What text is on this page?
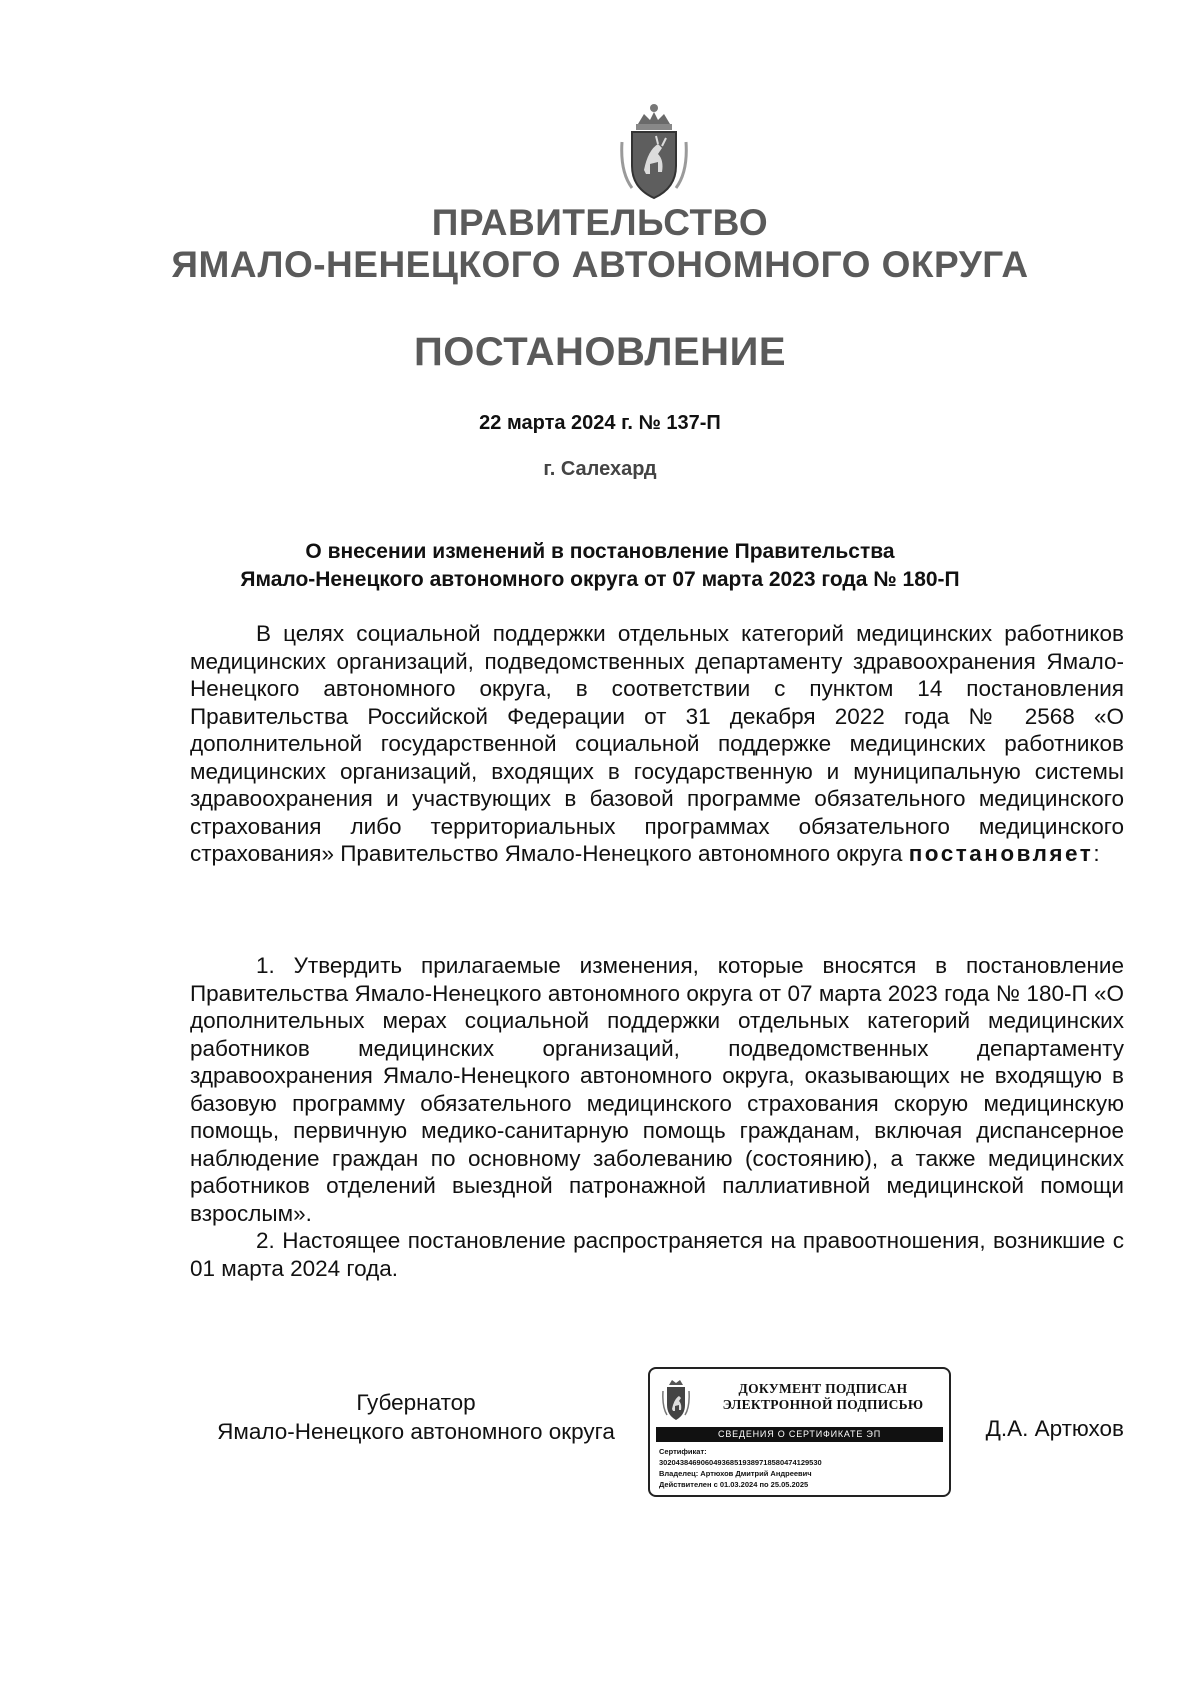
ПРАВИТЕЛЬСТВО
ЯМАЛО-НЕНЕЦКОГО АВТОНОМНОГО ОКРУГА
ПОСТАНОВЛЕНИЕ
22 марта 2024 г. № 137-П
г. Салехард
О внесении изменений в постановление Правительства
Ямало-Ненецкого автономного округа от 07 марта 2023 года № 180-П

В целях социальной поддержки отдельных категорий медицинских работников медицинских организаций, подведомственных департаменту здравоохранения Ямало-Ненецкого автономного округа, в соответствии с пунктом 14 постановления Правительства Российской Федерации от 31 декабря 2022 года № 2568 «О дополнительной государственной социальной поддержке медицинских работников медицинских организаций, входящих в государственную и муниципальную системы здравоохранения и участвующих в базовой программе обязательного медицинского страхования либо территориальных программах обязательного медицинского страхования» Правительство Ямало-Ненецкого автономного округа постановляет:

1. Утвердить прилагаемые изменения, которые вносятся в постановление Правительства Ямало-Ненецкого автономного округа от 07 марта 2023 года № 180-П «О дополнительных мерах социальной поддержки отдельных категорий медицинских работников медицинских организаций, подведомственных департаменту здравоохранения Ямало-Ненецкого автономного округа, оказывающих не входящую в базовую программу обязательного медицинского страхования скорую медицинскую помощь, первичную медико-санитарную помощь гражданам, включая диспансерное наблюдение граждан по основному заболеванию (состоянию), а также медицинских работников отделений выездной патронажной паллиативной медицинской помощи взрослым».

2. Настоящее постановление распространяется на правоотношения, возникшие с 01 марта 2024 года.

Губернатор
Ямало-Ненецкого автономного округа
ДОКУМЕНТ ПОДПИСАН
ЭЛЕКТРОННОЙ ПОДПИСЬЮ
СВЕДЕНИЯ О СЕРТИФИКАТЕ ЭП
Сертификат:
3020438469060493685193897185804741295​30
Владелец: Артюхов Дмитрий Андреевич
Действителен с 01.03.2024 по 25.05.2025
Д.А. Артюхов
